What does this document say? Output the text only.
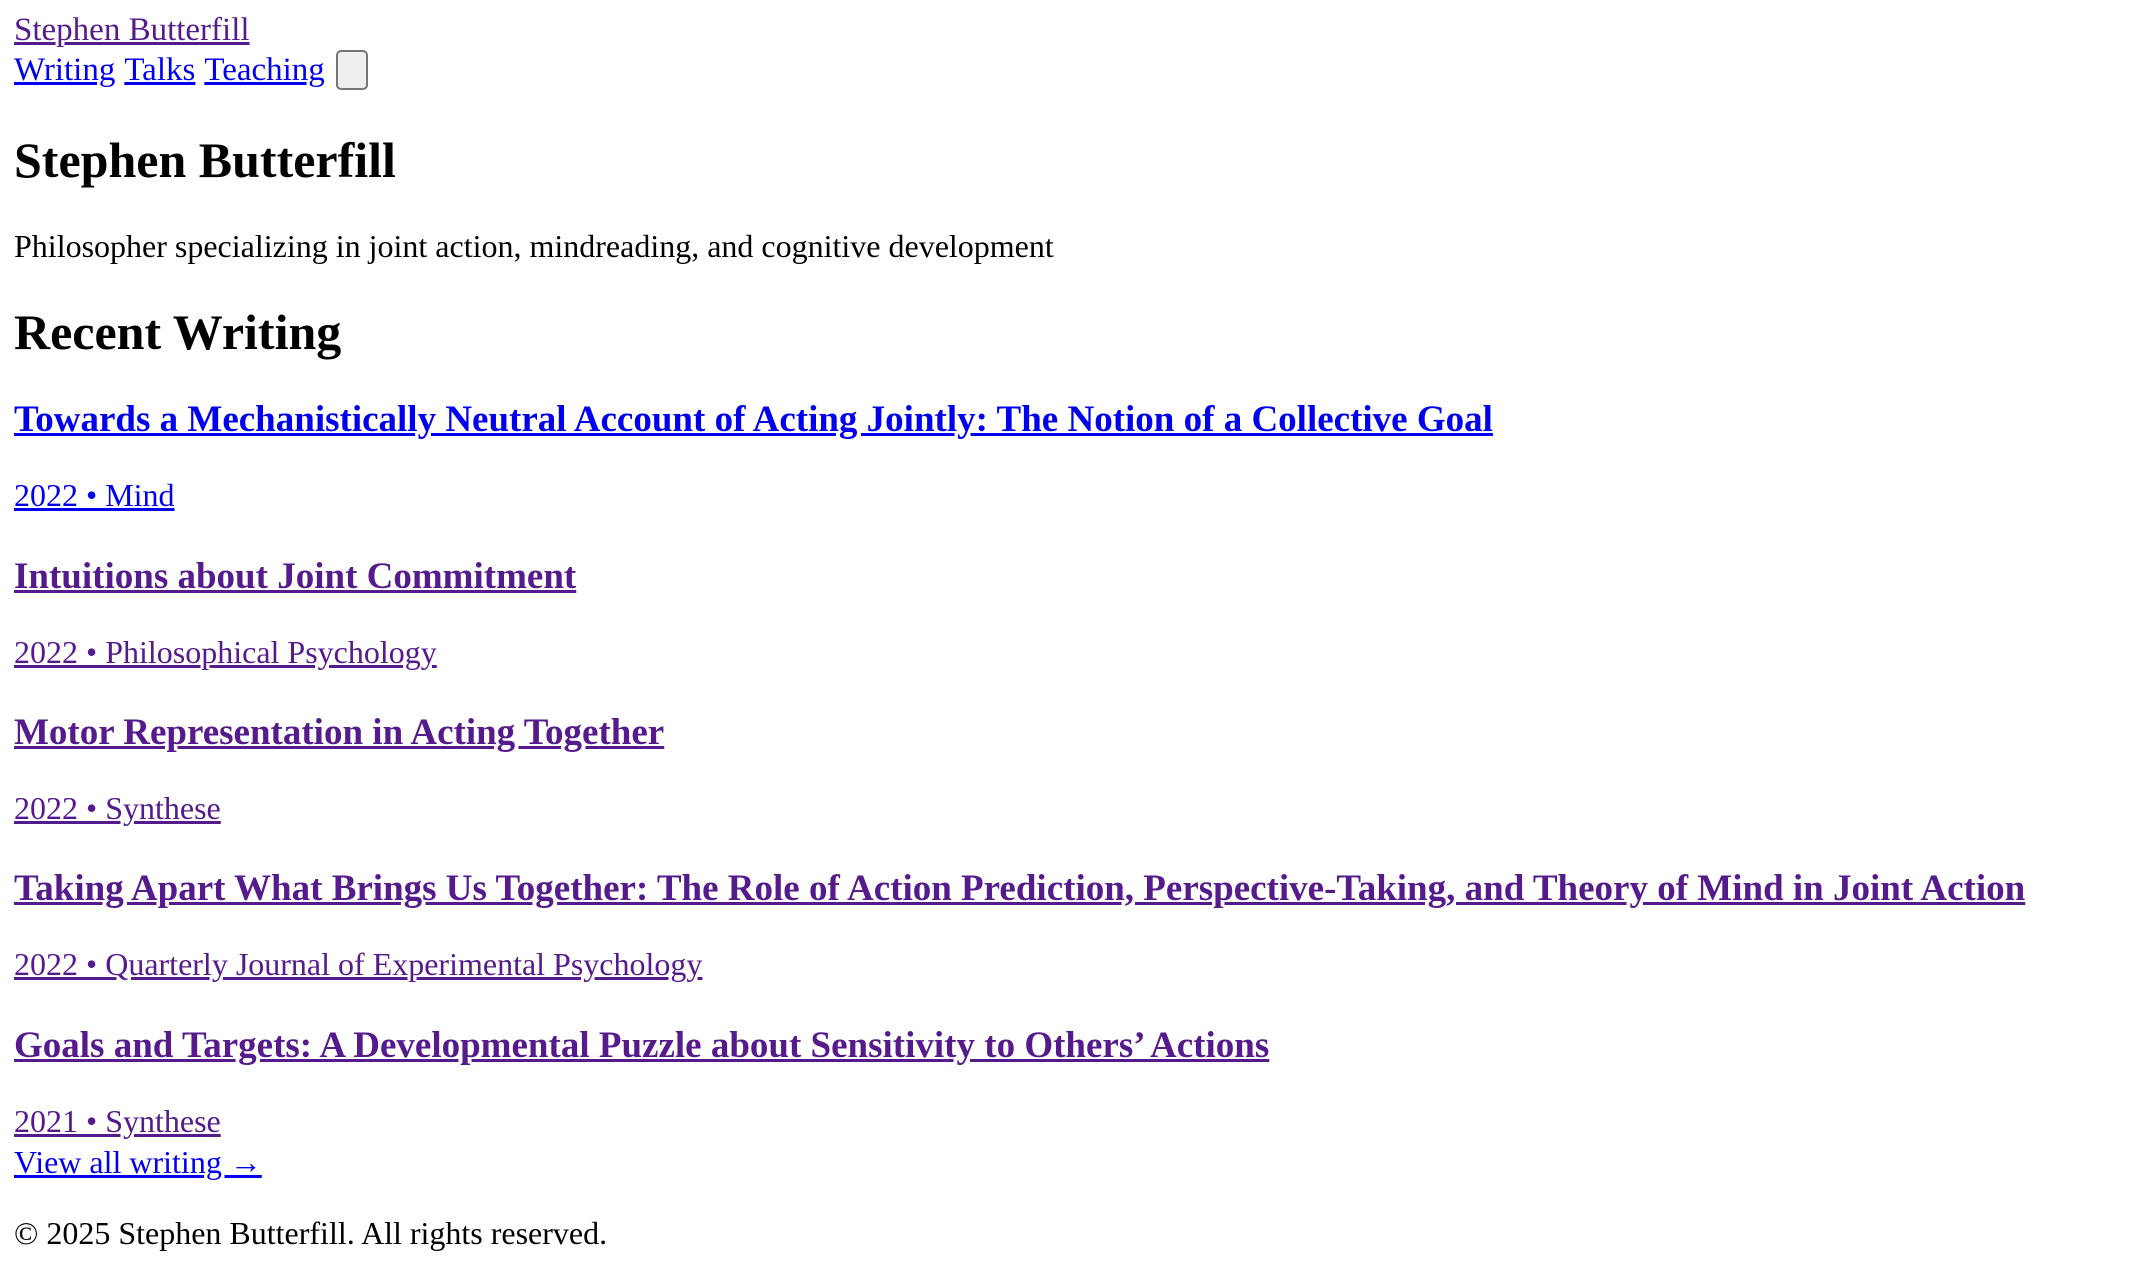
Stephen Butterfill
Writing Talks Teaching
Stephen Butterfill

Philosopher specializing in joint action, mindreading, and cognitive development

Recent Writing
Towards a Mechanistically Neutral Account of Acting Jointly: The Notion of a Collective Goal
2022 • Mind
Intuitions about Joint Commitment
2022 • Philosophical Psychology
Motor Representation in Acting Together
2022 • Synthese
Taking Apart What Brings Us Together: The Role of Action Prediction, Perspective-Taking, and Theory of Mind in Joint Action
2022 • Quarterly Journal of Experimental Psychology
Goals and Targets: A Developmental Puzzle about Sensitivity to Others’ Actions
2021 • Synthese
View all writing →

© 2025 Stephen Butterfill. All rights reserved.
